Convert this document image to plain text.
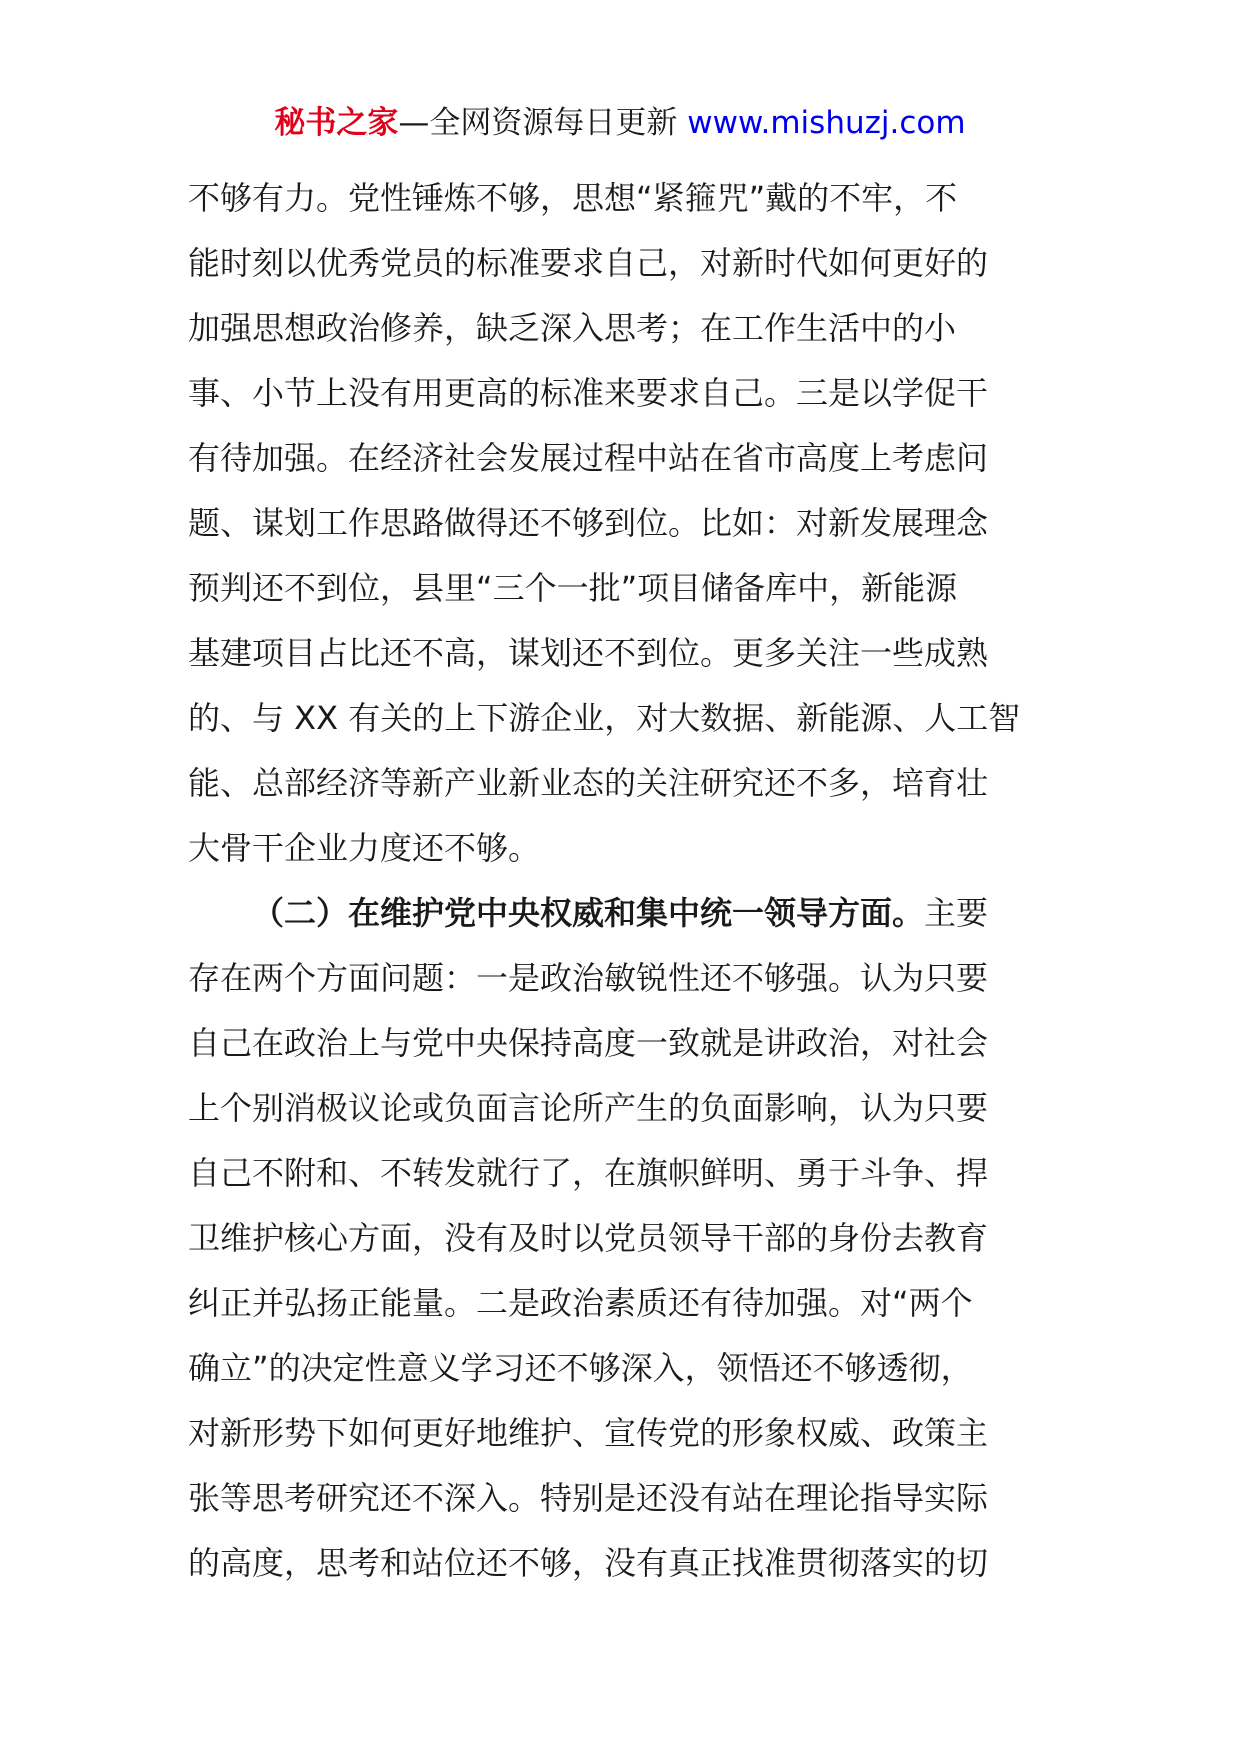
秘书之家—全网资源每日更新 www.mishuzj.com
不够有力。党性锤炼不够，思想“紧箍咒”戴的不牢，不
能时刻以优秀党员的标准要求自己，对新时代如何更好的
加强思想政治修养，缺乏深入思考；在工作生活中的小
事、小节上没有用更高的标准来要求自己。三是以学促干
有待加强。在经济社会发展过程中站在省市高度上考虑问
题、谋划工作思路做得还不够到位。比如：对新发展理念
预判还不到位，县里“三个一批”项目储备库中，新能源
基建项目占比还不高，谋划还不到位。更多关注一些成熟
的、与 XX 有关的上下游企业，对大数据、新能源、人工智
能、总部经济等新产业新业态的关注研究还不多，培育壮
大骨干企业力度还不够。
（二）在维护党中央权威和集中统一领导方面。主要
存在两个方面问题：一是政治敏锐性还不够强。认为只要
自己在政治上与党中央保持高度一致就是讲政治，对社会
上个别消极议论或负面言论所产生的负面影响，认为只要
自己不附和、不转发就行了，在旗帜鲜明、勇于斗争、捍
卫维护核心方面，没有及时以党员领导干部的身份去教育
纠正并弘扬正能量。二是政治素质还有待加强。对“两个
确立”的决定性意义学习还不够深入，领悟还不够透彻，
对新形势下如何更好地维护、宣传党的形象权威、政策主
张等思考研究还不深入。特别是还没有站在理论指导实际
的高度，思考和站位还不够，没有真正找准贯彻落实的切
